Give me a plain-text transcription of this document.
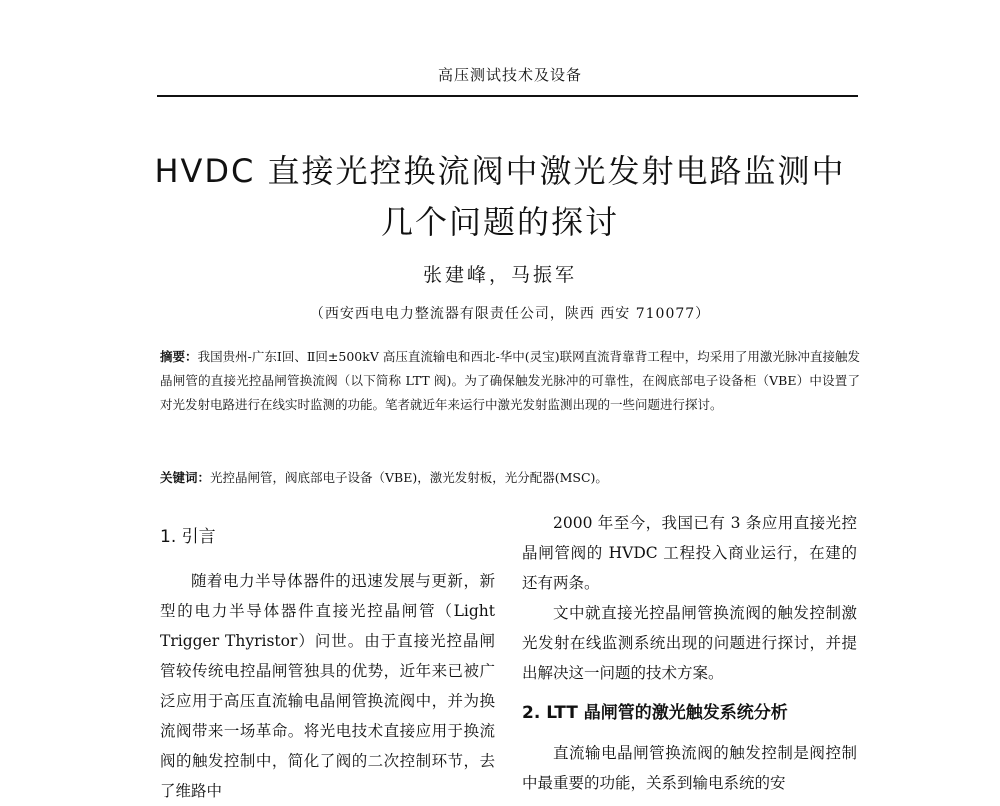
高压测试技术及设备
HVDC 直接光控换流阀中激光发射电路监测中
几个问题的探讨
张建峰，马振军
（西安西电电力整流器有限责任公司，陕西 西安 710077）

摘要：我国贵州-广东Ⅰ回、Ⅱ回±500kV 高压直流输电和西北-华中(灵宝)联网直流背靠背工程中，均采用了用激光脉冲直接触发晶闸管的直接光控晶闸管换流阀（以下简称 LTT 阀)。为了确保触发光脉冲的可靠性，在阀底部电子设备柜（VBE）中设置了对光发射电路进行在线实时监测的功能。笔者就近年来运行中激光发射监测出现的一些问题进行探讨。

关键词：光控晶闸管，阀底部电子设备（VBE)，激光发射板，光分配器(MSC)。

1. 引言

随着电力半导体器件的迅速发展与更新，新型的电力半导体器件直接光控晶闸管（Light Trigger Thyristor）问世。由于直接光控晶闸管较传统电控晶闸管独具的优势，近年来已被广泛应用于高压直流输电晶闸管换流阀中，并为换流阀带来一场革命。将光电技术直接应用于换流阀的触发控制中，简化了阀的二次控制环节，去了维路中

2000 年至今，我国已有 3 条应用直接光控晶闸管阀的 HVDC 工程投入商业运行，在建的还有两条。

文中就直接光控晶闸管换流阀的触发控制激光发射在线监测系统出现的问题进行探讨，并提出解决这一问题的技术方案。

2. LTT 晶闸管的激光触发系统分析

直流输电晶闸管换流阀的触发控制是阀控制中最重要的功能，关系到输电系统的安
